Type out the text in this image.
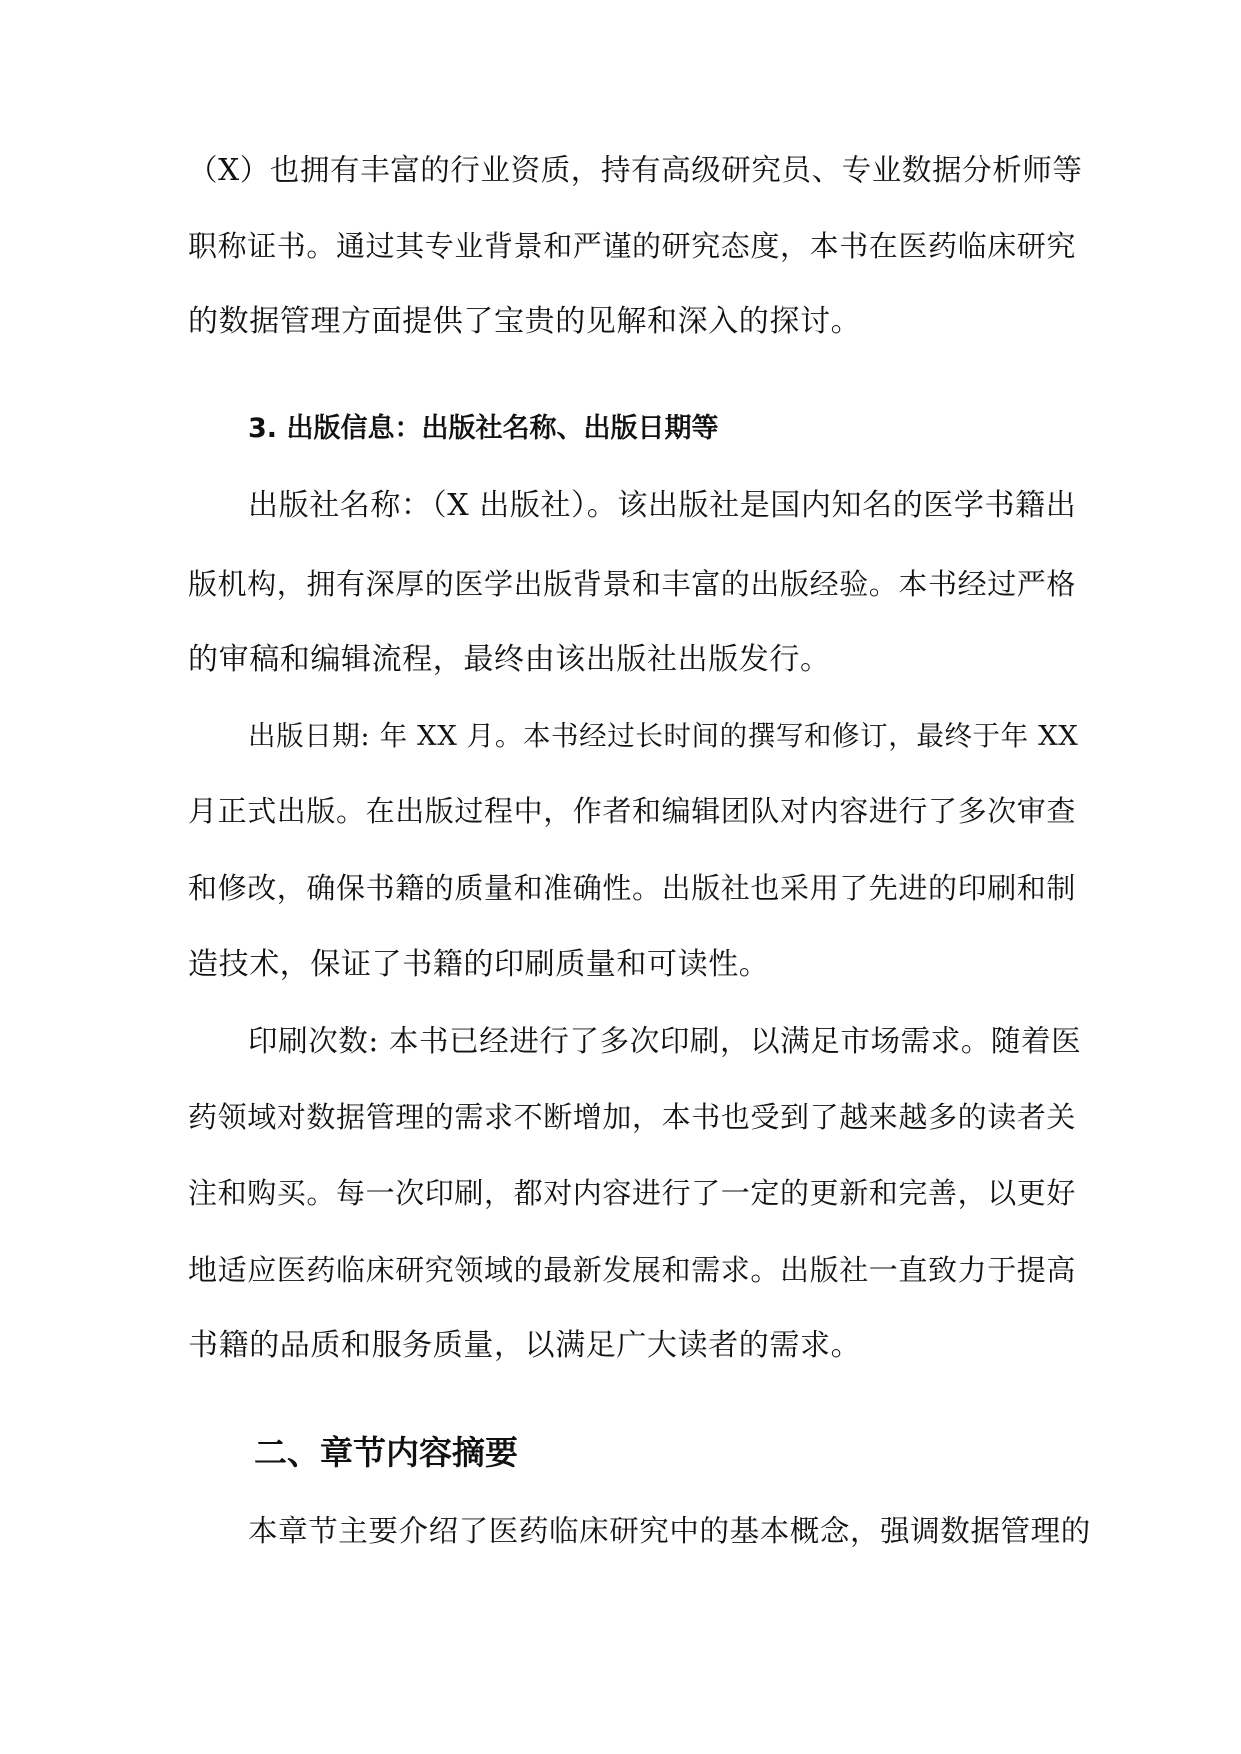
（X）也拥有丰富的行业资质，持有高级研究员、专业数据分析师等
职称证书。通过其专业背景和严谨的研究态度，本书在医药临床研究
的数据管理方面提供了宝贵的见解和深入的探讨。
3. 出版信息：出版社名称、出版日期等
出版社名称：（X 出版社）。该出版社是国内知名的医学书籍出
版机构，拥有深厚的医学出版背景和丰富的出版经验。本书经过严格
的审稿和编辑流程，最终由该出版社出版发行。
出版日期: 年 XX 月。本书经过长时间的撰写和修订，最终于年 XX
月正式出版。在出版过程中，作者和编辑团队对内容进行了多次审查
和修改，确保书籍的质量和准确性。出版社也采用了先进的印刷和制
造技术，保证了书籍的印刷质量和可读性。
印刷次数: 本书已经进行了多次印刷，以满足市场需求。随着医
药领域对数据管理的需求不断增加，本书也受到了越来越多的读者关
注和购买。每一次印刷，都对内容进行了一定的更新和完善，以更好
地适应医药临床研究领域的最新发展和需求。出版社一直致力于提高
书籍的品质和服务质量，以满足广大读者的需求。
二、章节内容摘要
本章节主要介绍了医药临床研究中的基本概念，强调数据管理的
